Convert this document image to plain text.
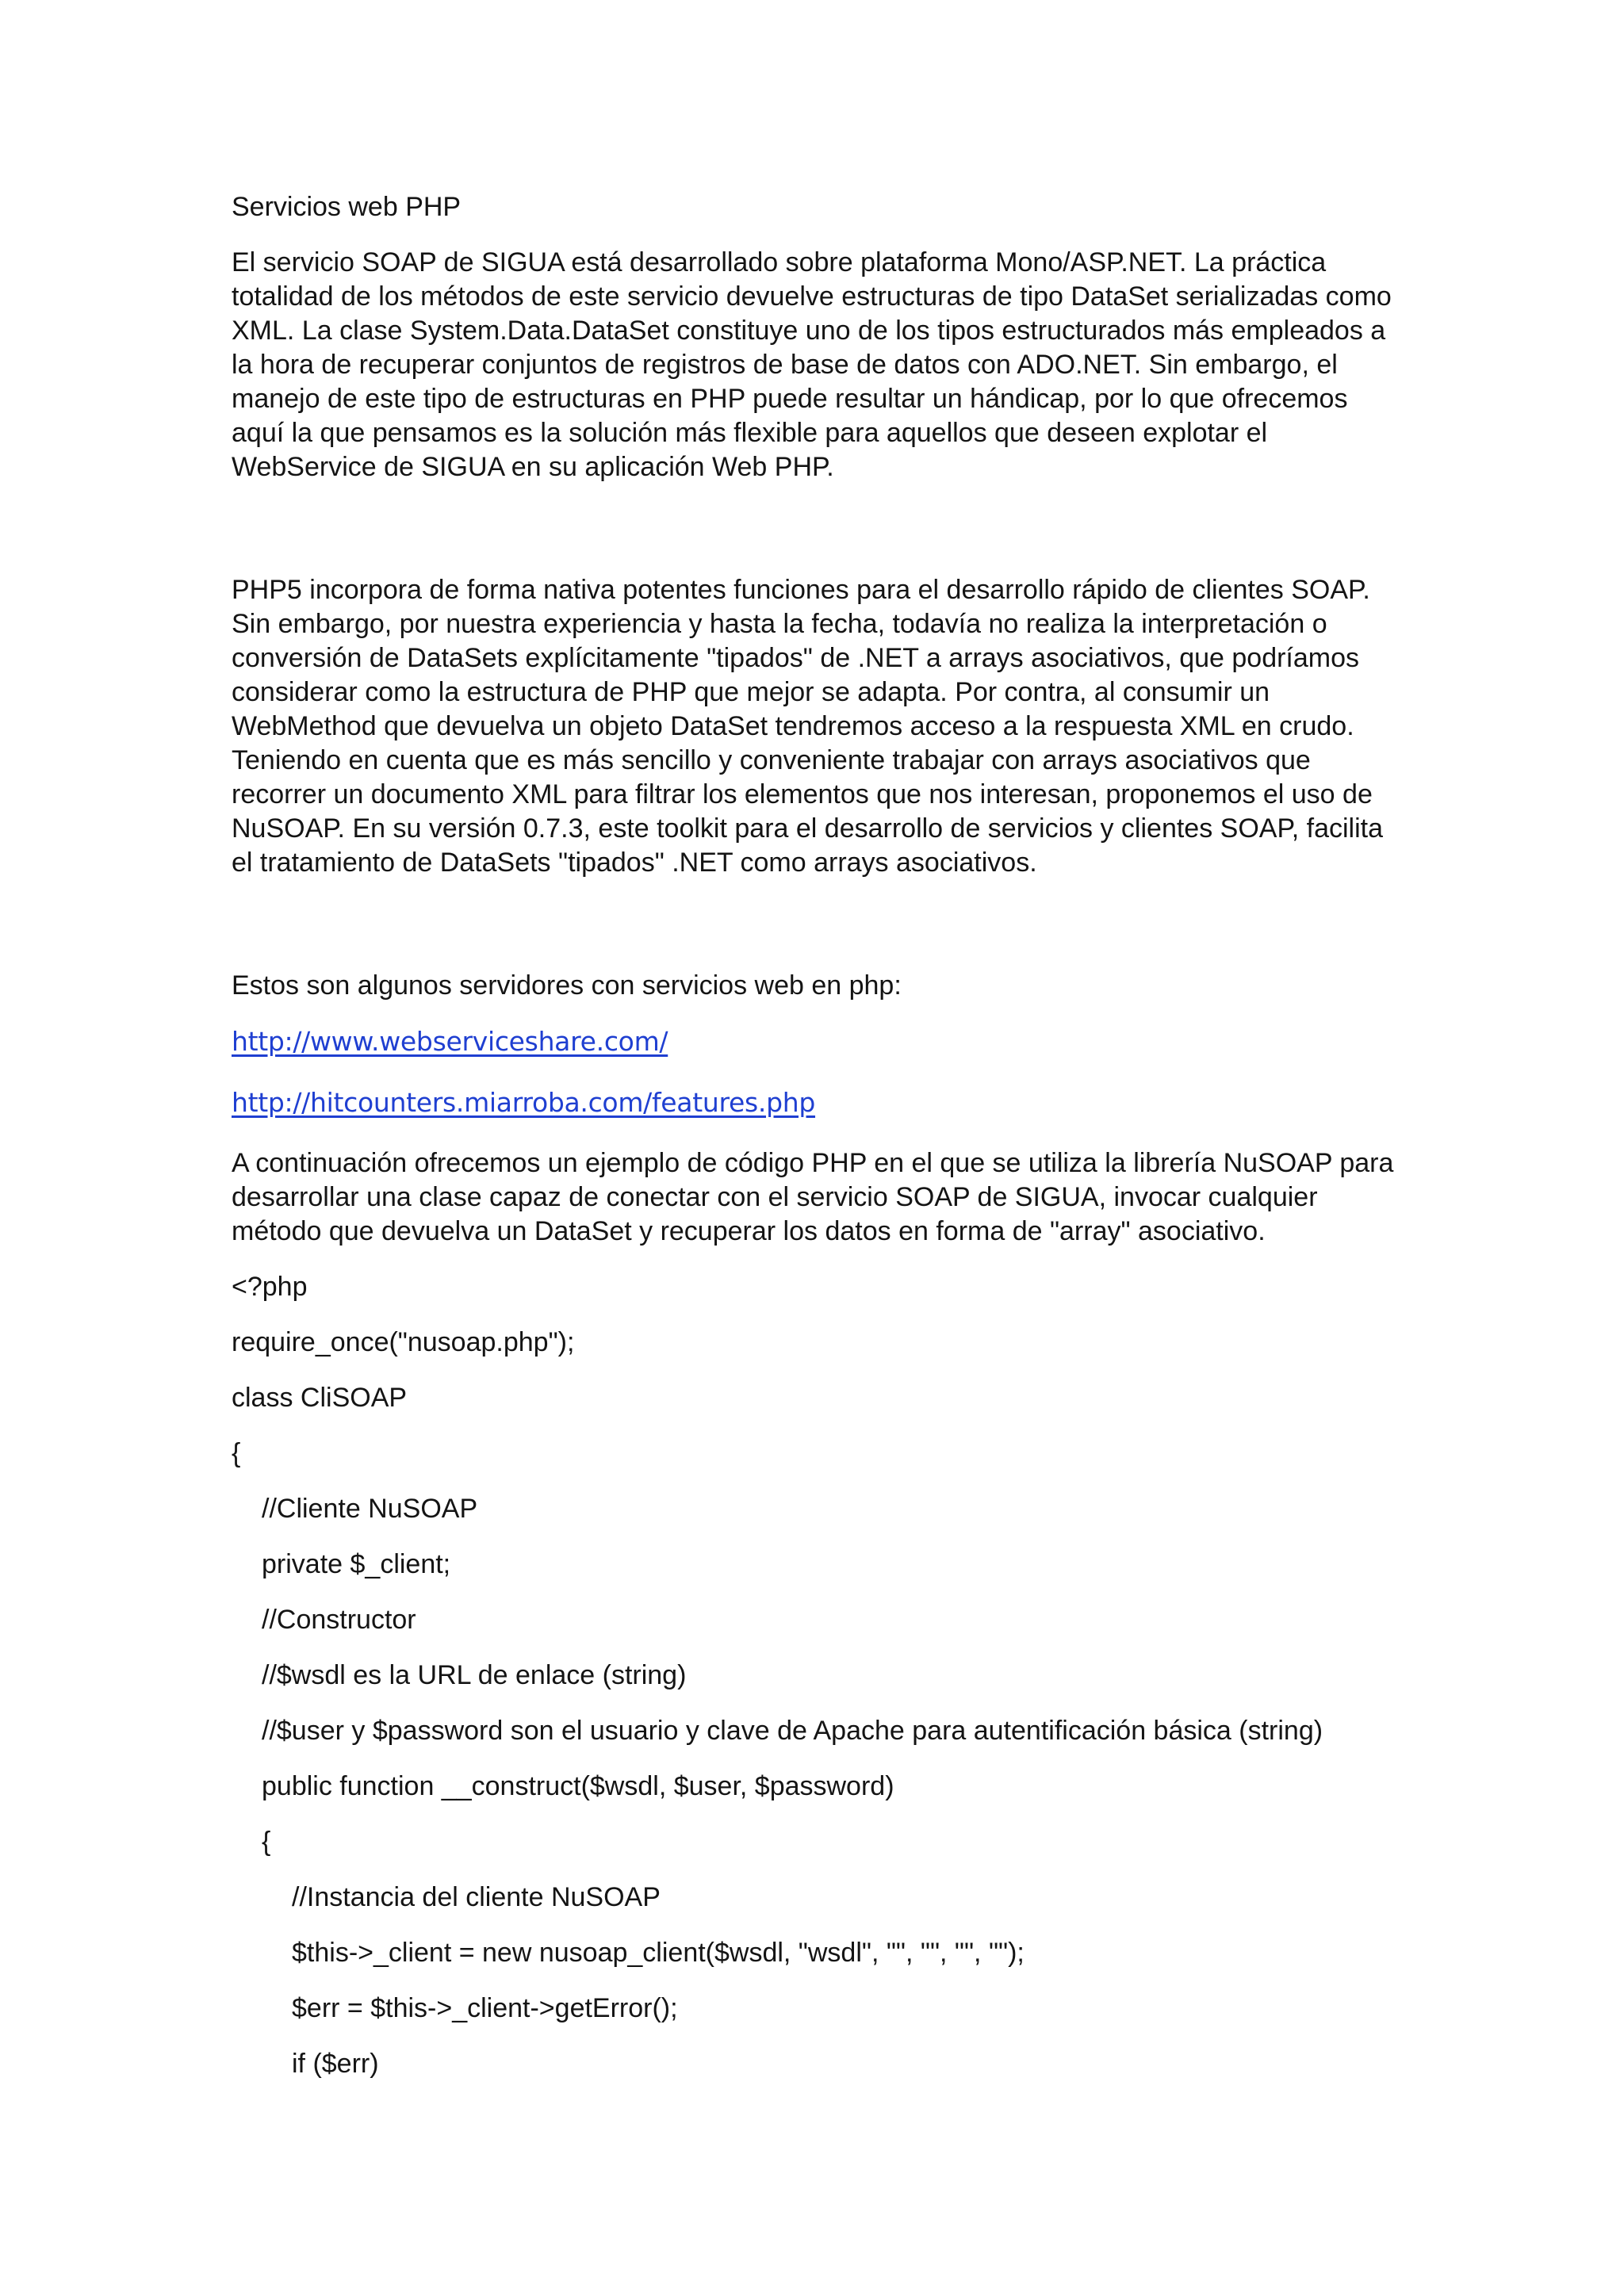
Servicios web PHP

El servicio SOAP de SIGUA está desarrollado sobre plataforma Mono/ASP.NET. La práctica totalidad de los métodos de este servicio devuelve estructuras de tipo DataSet serializadas como XML. La clase System.Data.DataSet constituye uno de los tipos estructurados más empleados a la hora de recuperar conjuntos de registros de base de datos con ADO.NET. Sin embargo, el manejo de este tipo de estructuras en PHP puede resultar un hándicap, por lo que ofrecemos aquí la que pensamos es la solución más flexible para aquellos que deseen explotar el WebService de SIGUA en su aplicación Web PHP.

PHP5 incorpora de forma nativa potentes funciones para el desarrollo rápido de clientes SOAP. Sin embargo, por nuestra experiencia y hasta la fecha, todavía no realiza la interpretación o conversión de DataSets explícitamente "tipados" de .NET a arrays asociativos, que podríamos considerar como la estructura de PHP que mejor se adapta. Por contra, al consumir un WebMethod que devuelva un objeto DataSet tendremos acceso a la respuesta XML en crudo. Teniendo en cuenta que es más sencillo y conveniente trabajar con arrays asociativos que recorrer un documento XML para filtrar los elementos que nos interesan, proponemos el uso de NuSOAP. En su versión 0.7.3, este toolkit para el desarrollo de servicios y clientes SOAP, facilita el tratamiento de DataSets "tipados" .NET como arrays asociativos.

Estos son algunos servidores con servicios web en php:

http://www.webserviceshare.com/
http://hitcounters.miarroba.com/features.php

A continuación ofrecemos un ejemplo de código PHP en el que se utiliza la librería NuSOAP para desarrollar una clase capaz de conectar con el servicio SOAP de SIGUA, invocar cualquier método que devuelva un DataSet y recuperar los datos en forma de "array" asociativo.

<?php
require_once("nusoap.php");
class CliSOAP
{
//Cliente NuSOAP
private $_client;
//Constructor
//$wsdl es la URL de enlace (string)
//$user y $password son el usuario y clave de Apache para autentificación básica (string)
public function __construct($wsdl, $user, $password)
{
//Instancia del cliente NuSOAP
$this->_client = new nusoap_client($wsdl, "wsdl", "", "", "", "");
$err = $this->_client->getError();
if ($err)
